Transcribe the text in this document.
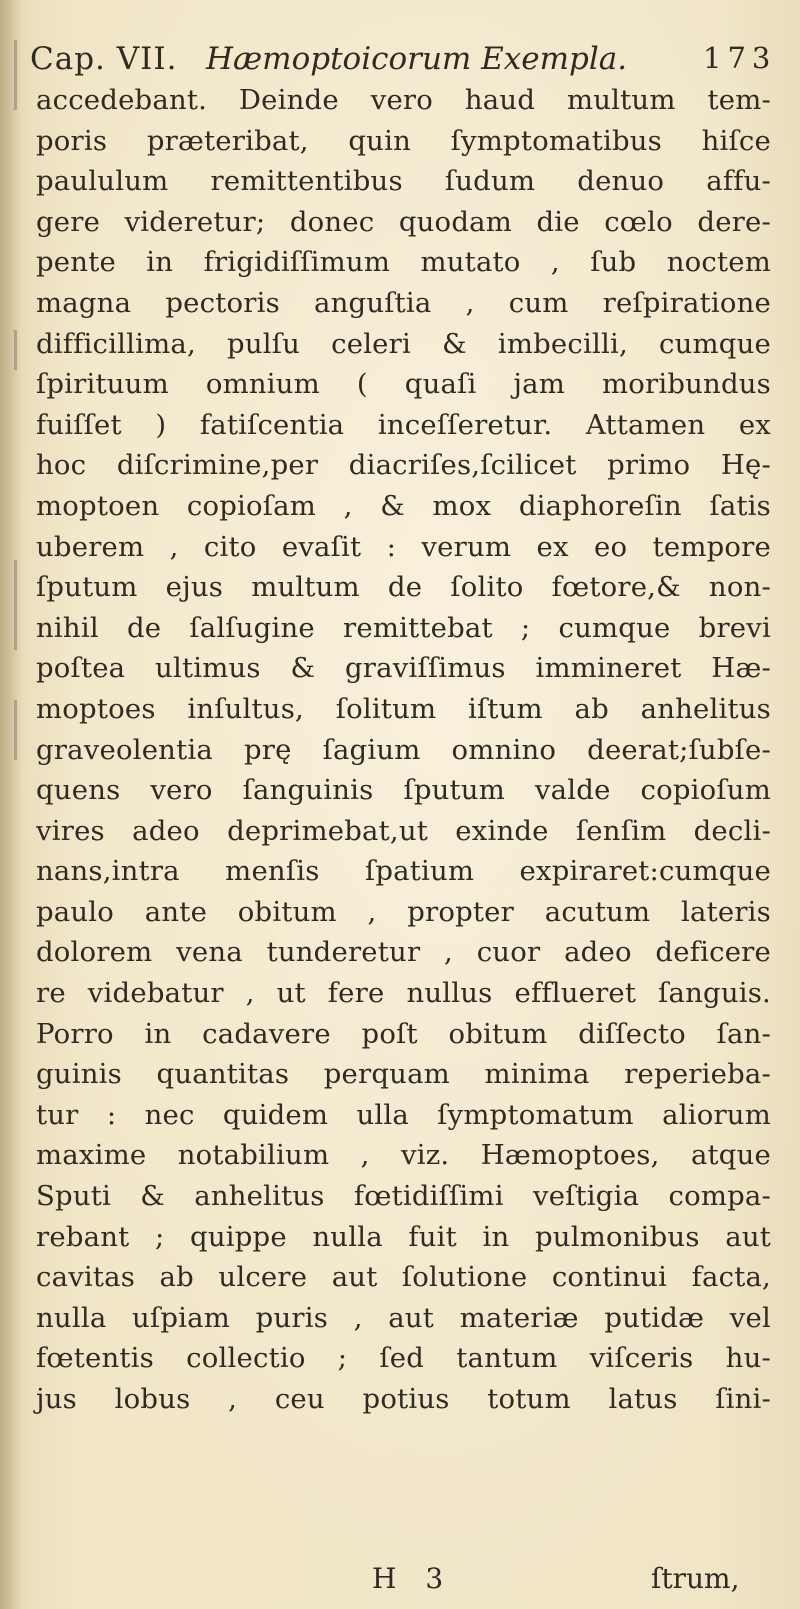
Cap. VII. Hæmoptoicorum Exempla.	173
accedebant. Deinde vero haud multum tem-
poris præteribat, quin ſymptomatibus hiſce
paululum remittentibus ſudum denuo affu-
gere videretur; donec quodam die cœlo dere-
pente in frigidiſſimum mutato , ſub noctem
magna pectoris anguſtia , cum reſpiratione
difficillima, pulſu celeri & imbecilli, cumque
ſpirituum omnium ( quaſi jam moribundus
fuiſſet ) fatiſcentia inceſſeretur. Attamen ex
hoc diſcrimine,per diacriſes,ſcilicet primo Hę-
moptoen copioſam , & mox diaphoreſin ſatis
uberem , cito evaſit : verum ex eo tempore
ſputum ejus multum de ſolito fœtore,& non-
nihil de ſalſugine remittebat ; cumque brevi
poſtea ultimus & graviſſimus immineret Hæ-
moptoes inſultus, ſolitum iſtum ab anhelitus
graveolentia prę ſagium omnino deerat;ſubſe-
quens vero ſanguinis ſputum valde copioſum
vires adeo deprimebat,ut exinde ſenſim decli-
nans,intra menſis ſpatium expiraret:cumque
paulo ante obitum , propter acutum lateris
dolorem vena tunderetur , cuor adeo deficere
re videbatur , ut fere nullus efflueret ſanguis.
Porro in cadavere poſt obitum diſſecto ſan-
guinis quantitas perquam minima reperieba-
tur : nec quidem ulla ſymptomatum aliorum
maxime notabilium , viz. Hæmoptoes, atque
Sputi & anhelitus fœtidiſſimi veſtigia compa-
rebant ; quippe nulla fuit in pulmonibus aut
cavitas ab ulcere aut ſolutione continui facta,
nulla uſpiam puris , aut materiæ putidæ vel
fœtentis collectio ; ſed tantum viſceris hu-
jus lobus , ceu potius totum latus ſini-
H 3	ſtrum,
